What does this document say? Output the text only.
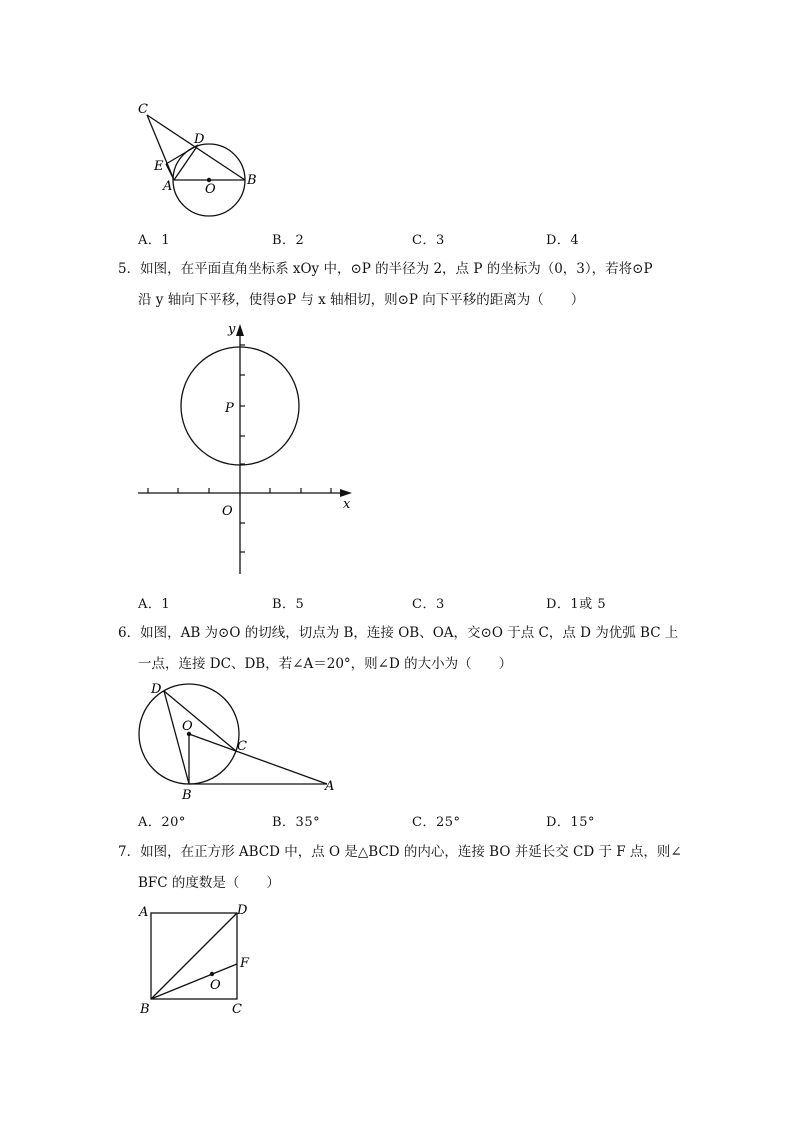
C
D
E
A	O
B
A．1	B．2	C．3	D．4
5．如图，在平面直角坐标系 xOy 中，⊙P 的半径为 2，点 P 的坐标为（0，3），若将⊙P
沿 y 轴向下平移，使得⊙P 与 x 轴相切，则⊙P 向下平移的距离为（　　）
y
x
P
O
A．1	B．5	C．3	D．1或 5
6．如图，AB 为⊙O 的切线，切点为 B，连接 OB、OA，交⊙O 于点 C，点 D 为优弧 BC 上
一点，连接 DC、DB，若∠A＝20°，则∠D 的大小为（　　）
D
O
C
B
A
A．20°	B．35°	C．25°	D．15°
7．如图，在正方形 ABCD 中，点 O 是△BCD 的内心，连接 BO 并延长交 CD 于 F 点，则∠
BFC 的度数是（　　）
A	D
F
O
B	C
